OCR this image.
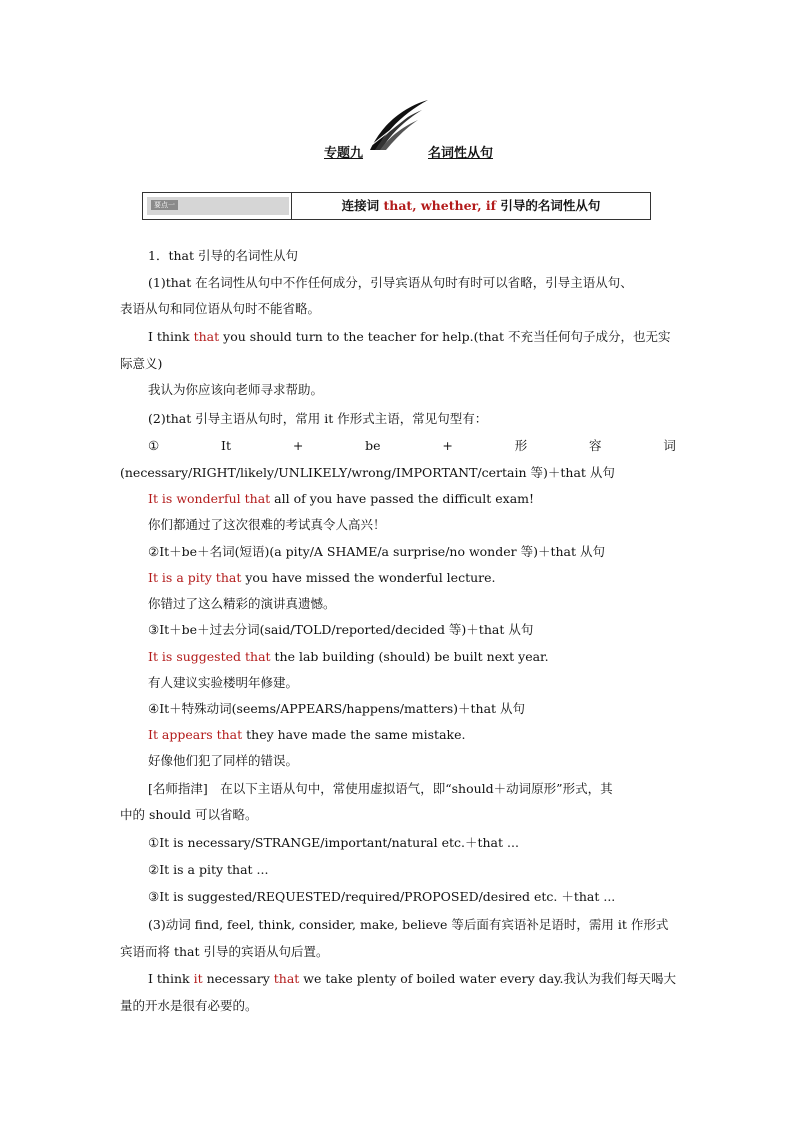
专题九	名词性从句
要点一	连接词 that, whether, if 引导的名词性从句
1．that 引导的名词性从句
(1)that 在名词性从句中不作任何成分，引导宾语从句时有时可以省略，引导主语从句、
表语从句和同位语从句时不能省略。
I think that you should turn to the teacher for help.(that 不充当任何句子成分，也无实
际意义)
我认为你应该向老师寻求帮助。
(2)that 引导主语从句时，常用 it 作形式主语，常见句型有：
①	It	+	be	+	形	容	词
(necessary/RIGHT/likely/UNLIKELY/wrong/IMPORTANT/certain 等)＋that 从句
It is wonderful that all of you have passed the difficult exam!
你们都通过了这次很难的考试真令人高兴！
②It＋be＋名词(短语)(a pity/A SHAME/a surprise/no wonder 等)＋that 从句
It is a pity that you have missed the wonderful lecture.
你错过了这么精彩的演讲真遗憾。
③It＋be＋过去分词(said/TOLD/reported/decided 等)＋that 从句
It is suggested that the lab building (should) be built next year.
有人建议实验楼明年修建。
④It＋特殊动词(seems/APPEARS/happens/matters)＋that 从句
It appears that they have made the same mistake.
好像他们犯了同样的错误。
[名师指津]　在以下主语从句中，常使用虚拟语气，即“should＋动词原形”形式，其
中的 should 可以省略。
①It is necessary/STRANGE/important/natural etc.＋that ...
②It is a pity that ...
③It is suggested/REQUESTED/required/PROPOSED/desired etc. ＋that ...
(3)动词 find, feel, think, consider, make, believe 等后面有宾语补足语时，需用 it 作形式
宾语而将 that 引导的宾语从句后置。
I think it necessary that we take plenty of boiled water every day.我认为我们每天喝大
量的开水是很有必要的。
